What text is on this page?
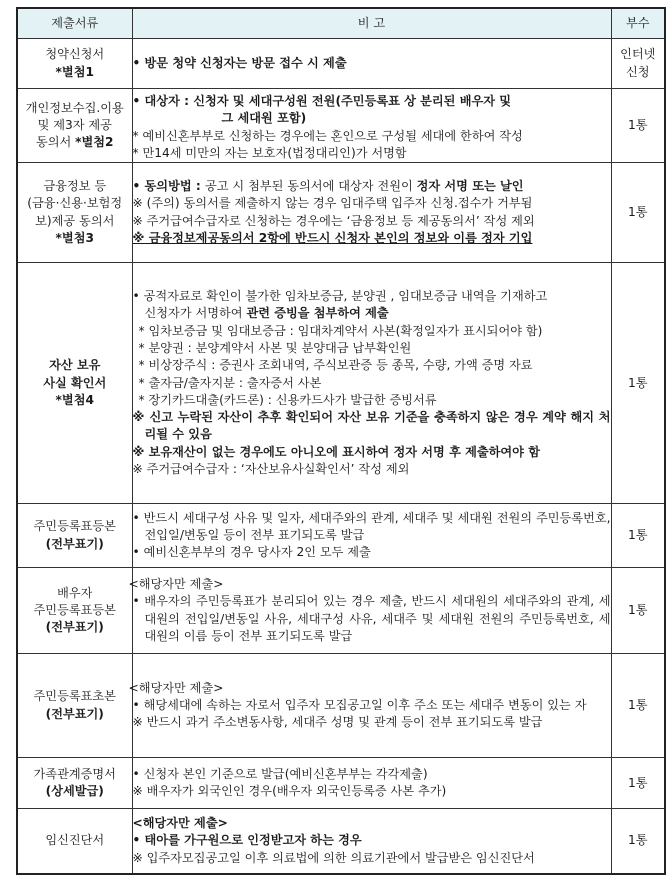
제출서류	비 고	부수

청약신청서
*별첨1	• 방문 청약 신청자는 방문 접수 시 제출	인터넷
신청

개인정보수집.이용
및 제3자 제공
동의서 *별첨2	• 대상자 : 신청자 및 세대구성원 전원(주민등록표 상 분리된 배우자 및
그 세대원 포함)
* 예비신혼부부로 신청하는 경우에는 혼인으로 구성될 세대에 한하여 작성
* 만14세 미만의 자는 보호자(법정대리인)가 서명함	1통

금융정보 등
(금융·신용·보험정
보)제공 동의서
*별첨3	• 동의방법 : 공고 시 첨부된 동의서에 대상자 전원이 정자 서명 또는 날인
※ (주의) 동의서를 제출하지 않는 경우 임대주택 입주자 신청.접수가 거부됨
※ 주거급여수급자로 신청하는 경우에는 ‘금융정보 등 제공동의서’ 작성 제외
※ 금융정보제공동의서 2항에 반드시 신청자 본인의 정보와 이름 정자 기입	1통

자산 보유
사실 확인서
*별첨4

• 공적자료로 확인이 불가한 임차보증금, 분양권 , 임대보증금 내역을 기재하고
신청자가 서명하여 관련 증빙을 첨부하여 제출
* 임차보증금 및 임대보증금 : 임대차계약서 사본(확정일자가 표시되어야 함)
* 분양권 : 분양계약서 사본 및 분양대금 납부확인원
* 비상장주식 : 증권사 조회내역, 주식보관증 등 종목, 수량, 가액 증명 자료
* 출자금/출자지분 : 출자증서 사본
* 장기카드대출(카드론) : 신용카드사가 발급한 증빙서류
※ 신고 누락된 자산이 추후 확인되어 자산 보유 기준을 충족하지 않은 경우 계약 해지 처리될 수 있음
※ 보유재산이 없는 경우에도 아니오에 표시하여 정자 서명 후 제출하여야 함
※ 주거급여수급자 : ‘자산보유사실확인서’ 작성 제외
	1통

주민등록표등본
(전부표기)	• 반드시 세대구성 사유 및 일자, 세대주와의 관계, 세대주 및 세대원 전원의 주민등록번호, 전입일/변동일 등이 전부 표기되도록 발급
• 예비신혼부부의 경우 당사자 2인 모두 제출	1통

배우자
주민등록표등본
(전부표기)	<해당자만 제출>
• 배우자의 주민등록표가 분리되어 있는 경우 제출, 반드시 세대원의 세대주와의 관계, 세대원의 전입일/변동일 사유, 세대구성 사유, 세대주 및 세대원 전원의 주민등록번호, 세대원의 이름 등이 전부 표기되도록 발급	1통

주민등록표초본
(전부표기)	<해당자만 제출>
• 해당세대에 속하는 자로서 입주자 모집공고일 이후 주소 또는 세대주 변동이 있는 자
※ 반드시 과거 주소변동사항, 세대주 성명 및 관계 등이 전부 표기되도록 발급	1통

가족관계증명서
(상세발급)	• 신청자 본인 기준으로 발급(예비신혼부부는 각각제출)
※ 배우자가 외국인인 경우(배우자 외국인등록증 사본 추가)	1통

임신진단서	<해당자만 제출>
• 태아를 가구원으로 인정받고자 하는 경우
※ 입주자모집공고일 이후 의료법에 의한 의료기관에서 발급받은 임신진단서	1통
